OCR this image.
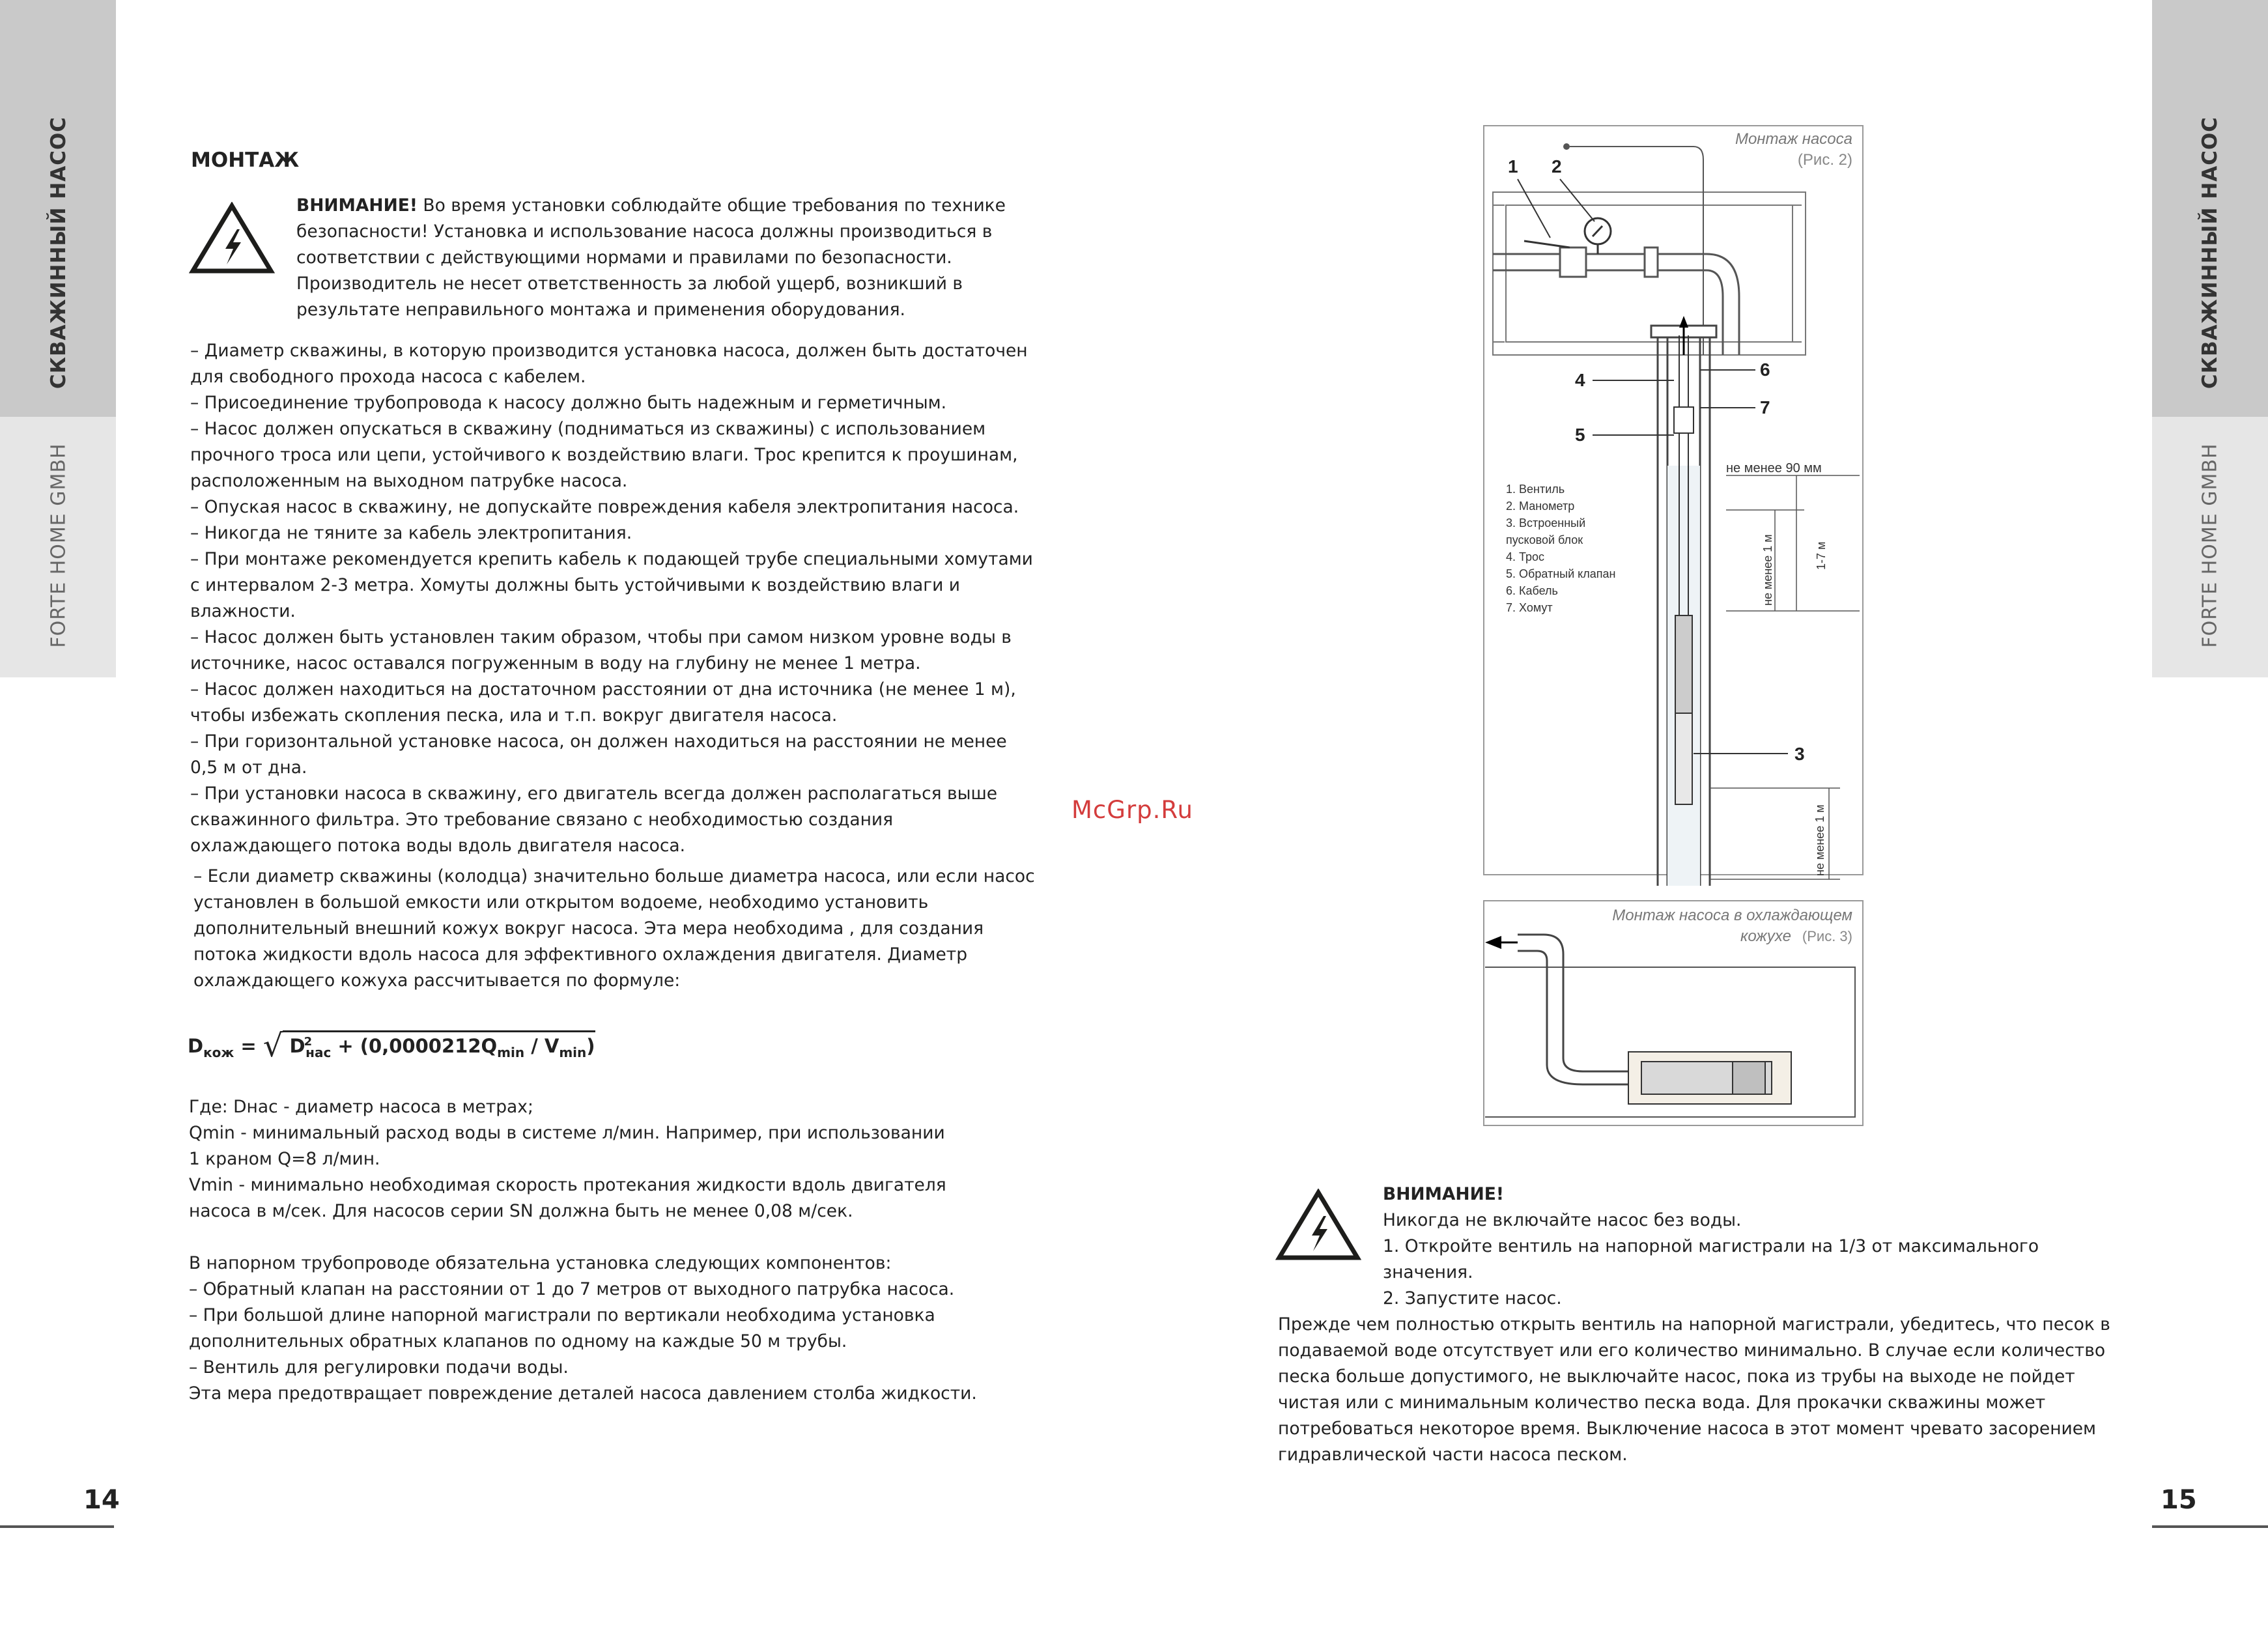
СКВАЖИННЫЙ НАСОС
FORTE HOME GMBH
МОНТАЖ
ВНИМАНИЕ! Во время установки соблюдайте общие требования по технике
безопасности! Установка и использование насоса должны производиться в
соответствии с действующими нормами и правилами по безопасности.
Производитель не несет ответственность за любой ущерб, возникший в
результате неправильного монтажа и применения оборудования.
– Диаметр скважины, в которую производится установка насоса, должен быть достаточен
для свободного прохода насоса с кабелем.
– Присоединение трубопровода к насосу должно быть надежным и герметичным.
– Насос должен опускаться в скважину (подниматься из скважины) с использованием
прочного троса или цепи, устойчивого к воздействию влаги. Трос крепится к проушинам,
расположенным на выходном патрубке насоса.
– Опуская насос в скважину, не допускайте повреждения кабеля электропитания насоса.
– Никогда не тяните за кабель электропитания.
– При монтаже рекомендуется крепить кабель к подающей трубе специальными хомутами
с интервалом 2-3 метра. Хомуты должны быть устойчивыми к воздействию влаги и
влажности.
– Насос должен быть установлен таким образом, чтобы при самом низком уровне воды в
источнике, насос оставался погруженным в воду на глубину не менее 1 метра.
– Насос должен находиться на достаточном расстоянии от дна источника (не менее 1 м),
чтобы избежать скопления песка, ила и т.п. вокруг двигателя насоса.
– При горизонтальной установке насоса, он должен находиться на расстоянии не менее
0,5 м от дна.
– При установки насоса в скважину, его двигатель всегда должен располагаться выше
скважинного фильтра. Это требование связано с необходимостью создания
охлаждающего потока воды вдоль двигателя насоса.
– Если диаметр скважины (колодца) значительно больше диаметра насоса, или если насос
установлен в большой емкости или открытом водоеме, необходимо установить
дополнительный внешний кожух вокруг насоса. Эта мера необходима , для создания
потока жидкости вдоль насоса для эффективного охлаждения двигателя. Диаметр
охлаждающего кожуха рассчитывается по формуле:
$D_{кож}$ = √ $D^2_{нас} + (0,0000212Q_{min} / V_{min})$
Где: Dнас - диаметр насоса в метрах;
Qmin - минимальный расход воды в системе л/мин. Например, при использовании
1 краном Q=8 л/мин.
Vmin - минимально необходимая скорость протекания жидкости вдоль двигателя
насоса в м/сек. Для насосов серии SN должна быть не менее 0,08 м/сек.
В напорном трубопроводе обязательна установка следующих компонентов:
– Обратный клапан на расстоянии от 1 до 7 метров от выходного патрубка насоса.
– При большой длине напорной магистрали по вертикали необходима установка
дополнительных обратных клапанов по одному на каждые 50 м трубы.
– Вентиль для регулировки подачи воды.
Эта мера предотвращает повреждение деталей насоса давлением столба жидкости.
14
McGrp.Ru
СКВАЖИННЫЙ НАСОС
FORTE HOME GMBH
Монтаж насоса
(Рис. 2)
1 2
3
4
5
6
7
1. Вентиль
2. Манометр
3. Встроенный
пусковой блок
4. Трос
5. Обратный клапан
6. Кабель
7. Хомут
не менее 90 мм
1-7 м
не менее 1 м
не менее 1 м
Монтаж насоса в охлаждающем
кожухе (Рис. 3)
ВНИМАНИЕ!
Никогда не включайте насос без воды.
1. Откройте вентиль на напорной магистрали на 1/3 от максимального
значения.
2. Запустите насос.
Прежде чем полностью открыть вентиль на напорной магистрали, убедитесь, что песок в
подаваемой воде отсутствует или его количество минимально. В случае если количество
песка больше допустимого, не выключайте насос, пока из трубы на выходе не пойдет
чистая или с минимальным количество песка вода. Для прокачки скважины может
потребоваться некоторое время. Выключение насоса в этот момент чревато засорением
гидравлической части насоса песком.
15
